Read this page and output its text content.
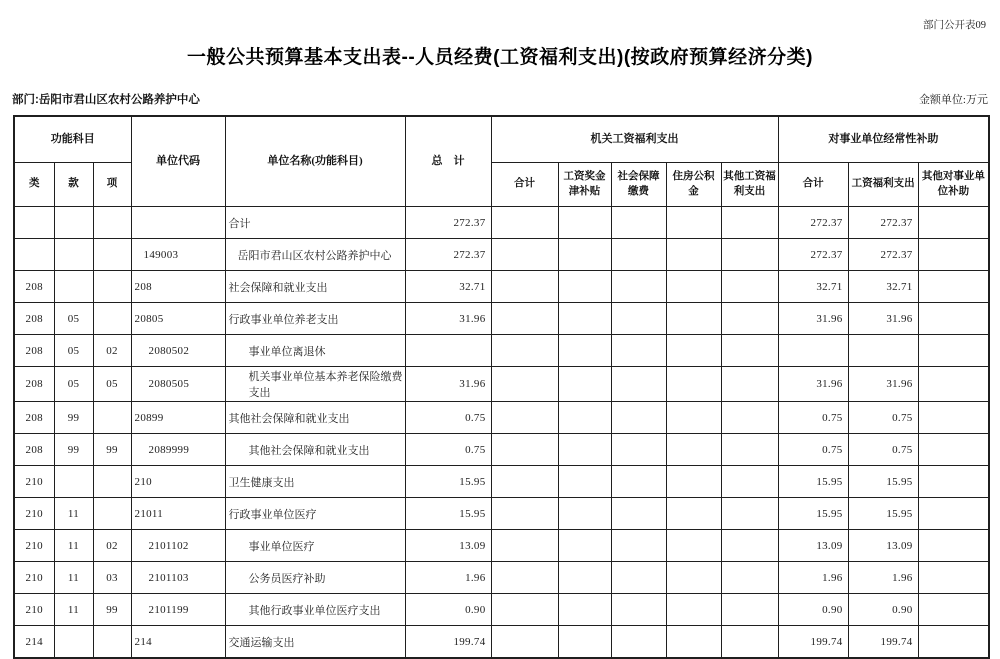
部门公开表09
一般公共预算基本支出表--人员经费(工资福利支出)(按政府预算经济分类)
部门:岳阳市君山区农村公路养护中心	金额单位:万元
功能科目			单位代码	单位名称(功能科目)	总　计	机关工资福利支出					对事业单位经常性补助		
类	款	项				合计	工资奖金津补贴	社会保障缴费	住房公积金	其他工资福利支出	合计	工资福利支出	其他对事业单位补助
				合计	272.37						272.37	272.37	
			149003	岳阳市君山区农村公路养护中心	272.37						272.37	272.37	
208			208	社会保障和就业支出	32.71						32.71	32.71	
208	05		20805	行政事业单位养老支出	31.96						31.96	31.96	
208	05	02	2080502	事业单位离退休									
208	05	05	2080505	机关事业单位基本养老保险缴费支出	31.96						31.96	31.96	
208	99		20899	其他社会保障和就业支出	0.75						0.75	0.75	
208	99	99	2089999	其他社会保障和就业支出	0.75						0.75	0.75	
210			210	卫生健康支出	15.95						15.95	15.95	
210	11		21011	行政事业单位医疗	15.95						15.95	15.95	
210	11	02	2101102	事业单位医疗	13.09						13.09	13.09	
210	11	03	2101103	公务员医疗补助	1.96						1.96	1.96	
210	11	99	2101199	其他行政事业单位医疗支出	0.90						0.90	0.90	
214			214	交通运输支出	199.74						199.74	199.74	
